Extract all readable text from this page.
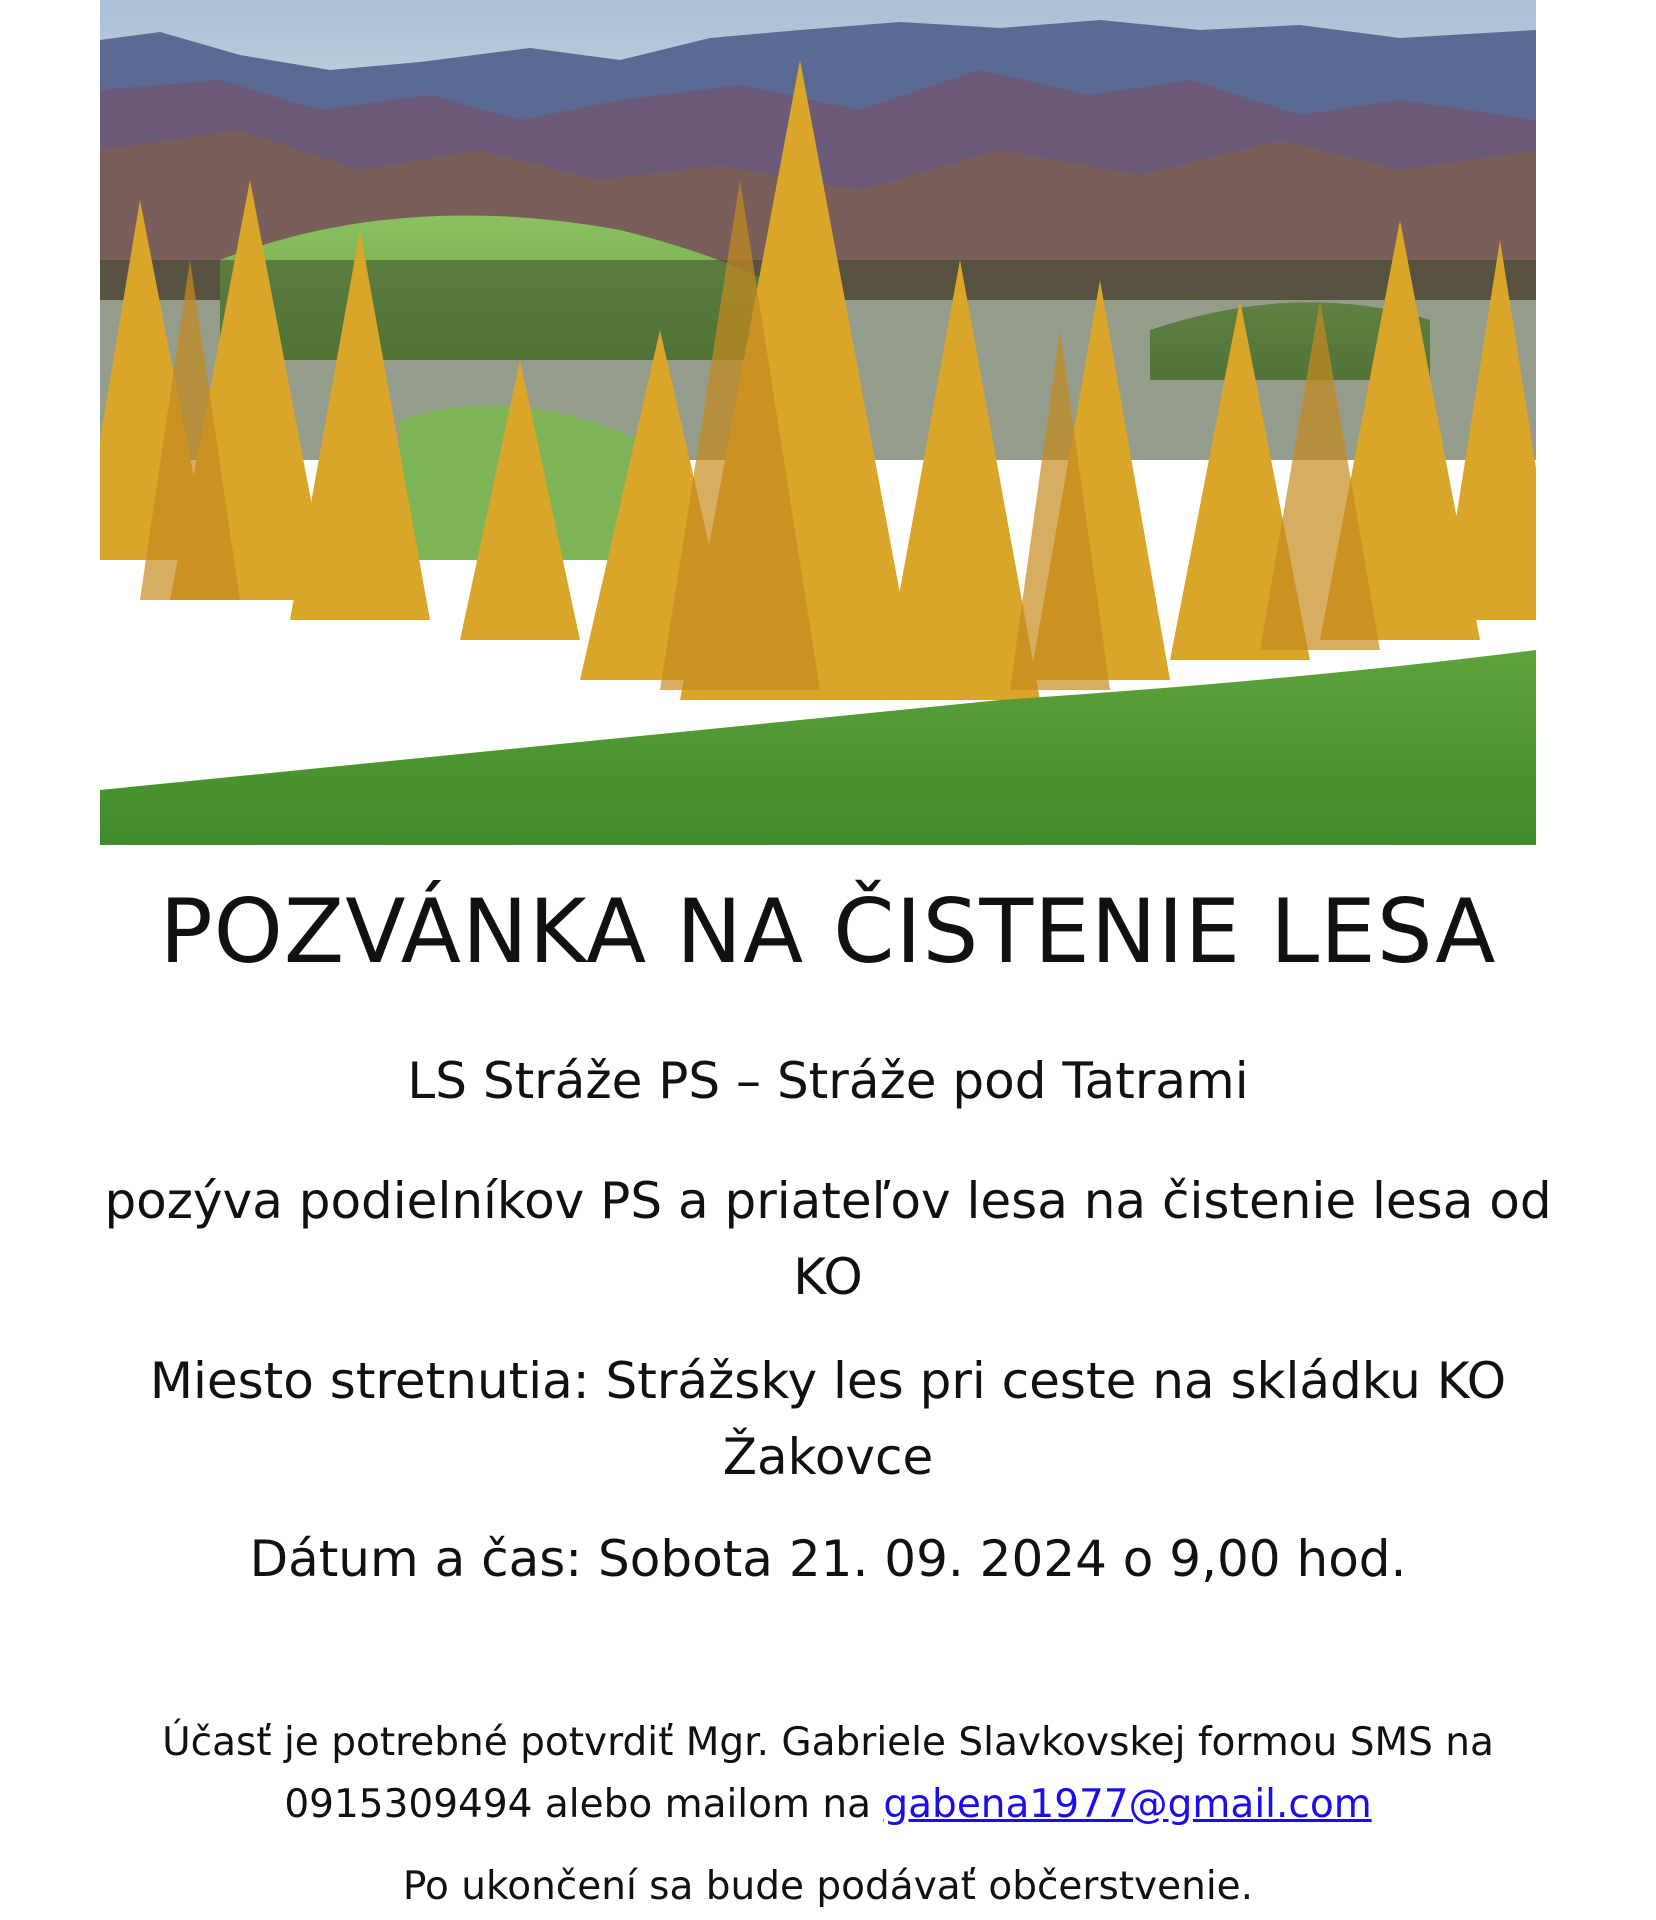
POZVÁNKA NA ČISTENIE LESA
LS Stráže PS – Stráže pod Tatrami
pozýva podielníkov PS a priateľov lesa na čistenie lesa od
KO
Miesto stretnutia: Strážsky les pri ceste na skládku KO
Žakovce
Dátum a čas: Sobota 21. 09. 2024 o 9,00 hod.
Účasť je potrebné potvrdiť Mgr. Gabriele Slavkovskej formou SMS na
0915309494 alebo mailom na gabena1977@gmail.com
Po ukončení sa bude podávať občerstvenie.
